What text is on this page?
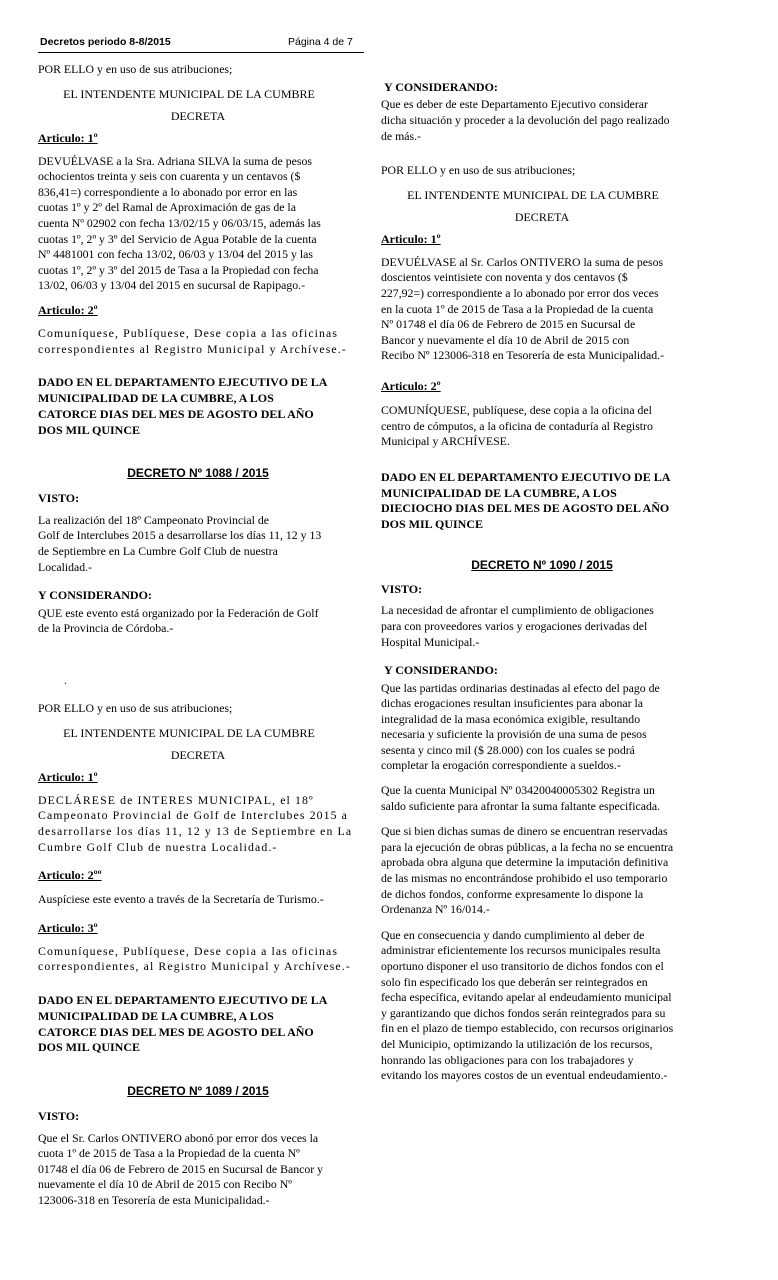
Decretos periodo 8-8/2015	Página 4 de 7

POR ELLO y en uso de sus atribuciones;

EL INTENDENTE MUNICIPAL DE LA CUMBRE

DECRETA

Articulo: 1º

DEVUÉLVASE a la Sra. Adriana SILVA la suma de pesos

ochocientos treinta y seis con cuarenta y un centavos ($

836,41=) correspondiente a lo abonado por error en las

cuotas 1º y 2º del Ramal de Aproximación de gas de la

cuenta Nº 02902 con fecha 13/02/15 y 06/03/15, además las

cuotas 1º, 2º y 3º del Servicio de Agua Potable de la cuenta

Nº 4481001 con fecha 13/02, 06/03 y 13/04 del 2015 y las

cuotas 1º, 2º y 3º del 2015 de Tasa a la Propiedad con fecha

13/02, 06/03 y 13/04 del 2015 en sucursal de Rapipago.-

Articulo: 2º

Comuníquese, Publíquese, Dese copia a las oficinas

correspondientes al Registro Municipal y Archívese.-

DADO EN EL DEPARTAMENTO EJECUTIVO DE LA

MUNICIPALIDAD DE LA CUMBRE, A LOS

CATORCE DIAS DEL MES DE AGOSTO DEL AÑO

DOS MIL QUINCE

DECRETO Nº 1088 / 2015

VISTO:

La realización del 18º Campeonato Provincial de

Golf de Interclubes 2015 a desarrollarse los días 11, 12 y 13

de Septiembre en La Cumbre Golf Club de nuestra

Localidad.-

Y CONSIDERANDO:

QUE este evento está organizado por la Federación de Golf

de la Provincia de Córdoba.-

.

POR ELLO y en uso de sus atribuciones;

EL INTENDENTE MUNICIPAL DE LA CUMBRE

DECRETA

Articulo: 1º

DECLÁRESE de INTERES MUNICIPAL, el 18º

Campeonato Provincial de Golf de Interclubes 2015 a

desarrollarse los días 11, 12 y 13 de Septiembre en La

Cumbre Golf Club de nuestra Localidad.-

Articulo: 2ºº

Auspíciese este evento a través de la Secretaría de Turismo.-

Articulo: 3º

Comuníquese, Publíquese, Dese copia a las oficinas

correspondientes, al Registro Municipal y Archívese.-

DADO EN EL DEPARTAMENTO EJECUTIVO DE LA

MUNICIPALIDAD DE LA CUMBRE, A LOS

CATORCE DIAS DEL MES DE AGOSTO DEL AÑO

DOS MIL QUINCE

DECRETO Nº 1089 / 2015

VISTO:

Que el Sr. Carlos ONTIVERO abonó por error dos veces la

cuota 1º de 2015 de Tasa a la Propiedad de la cuenta Nº

01748 el día 06 de Febrero de 2015 en Sucursal de Bancor y

nuevamente el día 10 de Abril de 2015 con Recibo Nº

123006-318 en Tesorería de esta Municipalidad.-

Y CONSIDERANDO:

Que es deber de este Departamento Ejecutivo considerar

dicha situación y proceder a la devolución del pago realizado

de más.-

POR ELLO y en uso de sus atribuciones;

EL INTENDENTE MUNICIPAL DE LA CUMBRE

DECRETA

Articulo: 1º

DEVUÉLVASE al Sr. Carlos ONTIVERO la suma de pesos

doscientos veintisiete con noventa y dos centavos ($

227,92=) correspondiente a lo abonado por error dos veces

en la cuota 1º de 2015 de Tasa a la Propiedad de la cuenta

Nº 01748 el día 06 de Febrero de 2015 en Sucursal de

Bancor y nuevamente el día 10 de Abril de 2015 con

Recibo Nº 123006-318 en Tesorería de esta Municipalidad.-

Articulo: 2º

COMUNÍQUESE, publíquese, dese copia a la oficina del

centro de cómputos, a la oficina de contaduría al Registro

Municipal y ARCHÍVESE.

DADO EN EL DEPARTAMENTO EJECUTIVO DE LA

MUNICIPALIDAD DE LA CUMBRE, A LOS

DIECIOCHO DIAS DEL MES DE AGOSTO DEL AÑO

DOS MIL QUINCE

DECRETO Nº 1090 / 2015

VISTO:

La necesidad de afrontar el cumplimiento de obligaciones

para con proveedores varios y erogaciones derivadas del

Hospital Municipal.-

Y CONSIDERANDO:

Que las partidas ordinarias destinadas al efecto del pago de

dichas erogaciones resultan insuficientes para abonar la

integralidad de la masa económica exigible, resultando

necesaria y suficiente la provisión de una suma de pesos

sesenta y cinco mil ($ 28.000) con los cuales se podrá

completar la erogación correspondiente a sueldos.-

Que la cuenta Municipal Nº 03420040005302 Registra un

saldo suficiente para afrontar la suma faltante especificada.

Que si bien dichas sumas de dinero se encuentran reservadas

para la ejecución de obras públicas, a la fecha no se encuentra

aprobada obra alguna que determine la imputación definitiva

de las mismas no encontrándose prohibido el uso temporario

de dichos fondos, conforme expresamente lo dispone la

Ordenanza Nº 16/014.-

Que en consecuencia y dando cumplimiento al deber de

administrar eficientemente los recursos municipales resulta

oportuno disponer el uso transitorio de dichos fondos con el

solo fin especificado los que deberán ser reintegrados en

fecha específica, evitando apelar al endeudamiento municipal

y garantizando que dichos fondos serán reintegrados para su

fin en el plazo de tiempo establecido, con recursos originarios

del Municipio, optimizando la utilización de los recursos,

honrando las obligaciones para con los trabajadores y

evitando los mayores costos de un eventual endeudamiento.-
